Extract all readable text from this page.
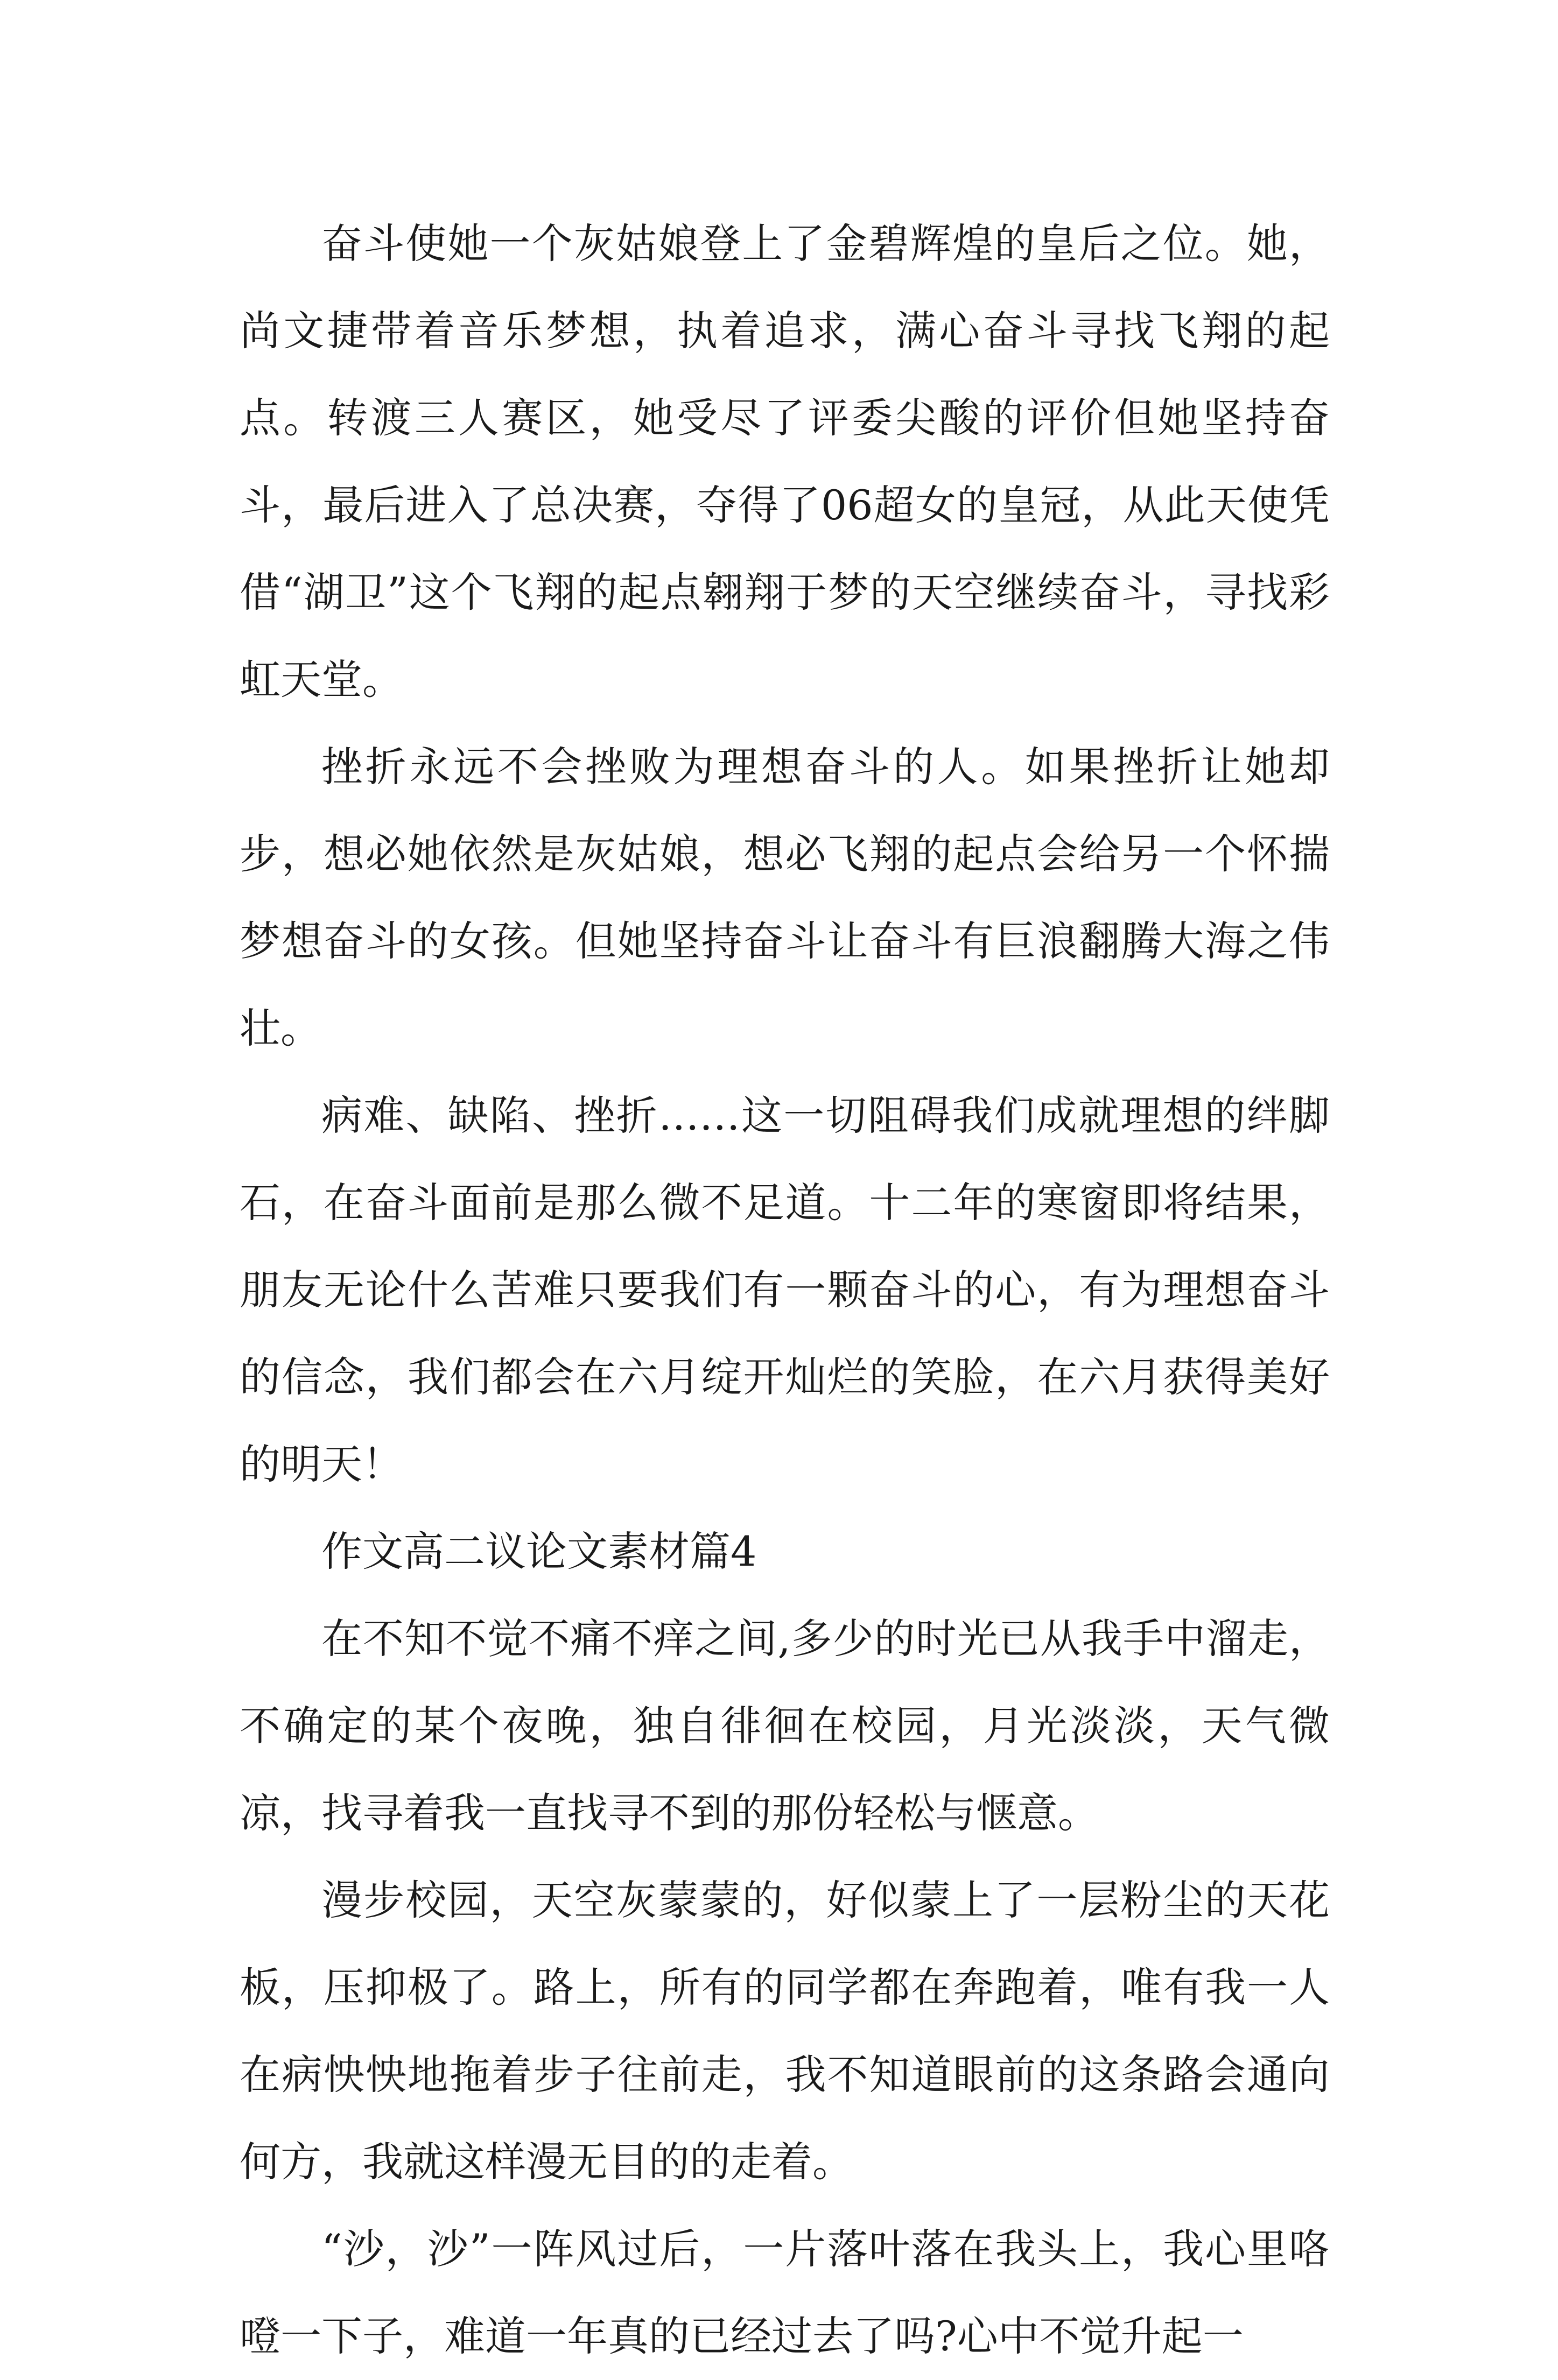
奋斗使她一个灰姑娘登上了金碧辉煌的皇后之位。她，尚文捷带着音乐梦想，执着追求，满心奋斗寻找飞翔的起点。转渡三人赛区，她受尽了评委尖酸的评价但她坚持奋斗，最后进入了总决赛，夺得了06超女的皇冠，从此天使凭借“湖卫”这个飞翔的起点翱翔于梦的天空继续奋斗，寻找彩虹天堂。

挫折永远不会挫败为理想奋斗的人。如果挫折让她却步，想必她依然是灰姑娘，想必飞翔的起点会给另一个怀揣梦想奋斗的女孩。但她坚持奋斗让奋斗有巨浪翻腾大海之伟壮。

病难、缺陷、挫折……这一切阻碍我们成就理想的绊脚石，在奋斗面前是那么微不足道。十二年的寒窗即将结果，朋友无论什么苦难只要我们有一颗奋斗的心，有为理想奋斗的信念，我们都会在六月绽开灿烂的笑脸，在六月获得美好的明天！

作文高二议论文素材篇4

在不知不觉不痛不痒之间,多少的时光已从我手中溜走，不确定的某个夜晚，独自徘徊在校园，月光淡淡，天气微凉，找寻着我一直找寻不到的那份轻松与惬意。

漫步校园，天空灰蒙蒙的，好似蒙上了一层粉尘的天花板，压抑极了。路上，所有的同学都在奔跑着，唯有我一人在病怏怏地拖着步子往前走，我不知道眼前的这条路会通向何方，我就这样漫无目的的走着。

“沙，沙”一阵风过后，一片落叶落在我头上，我心里咯噔一下子，难道一年真的已经过去了吗?心中不觉升起一
